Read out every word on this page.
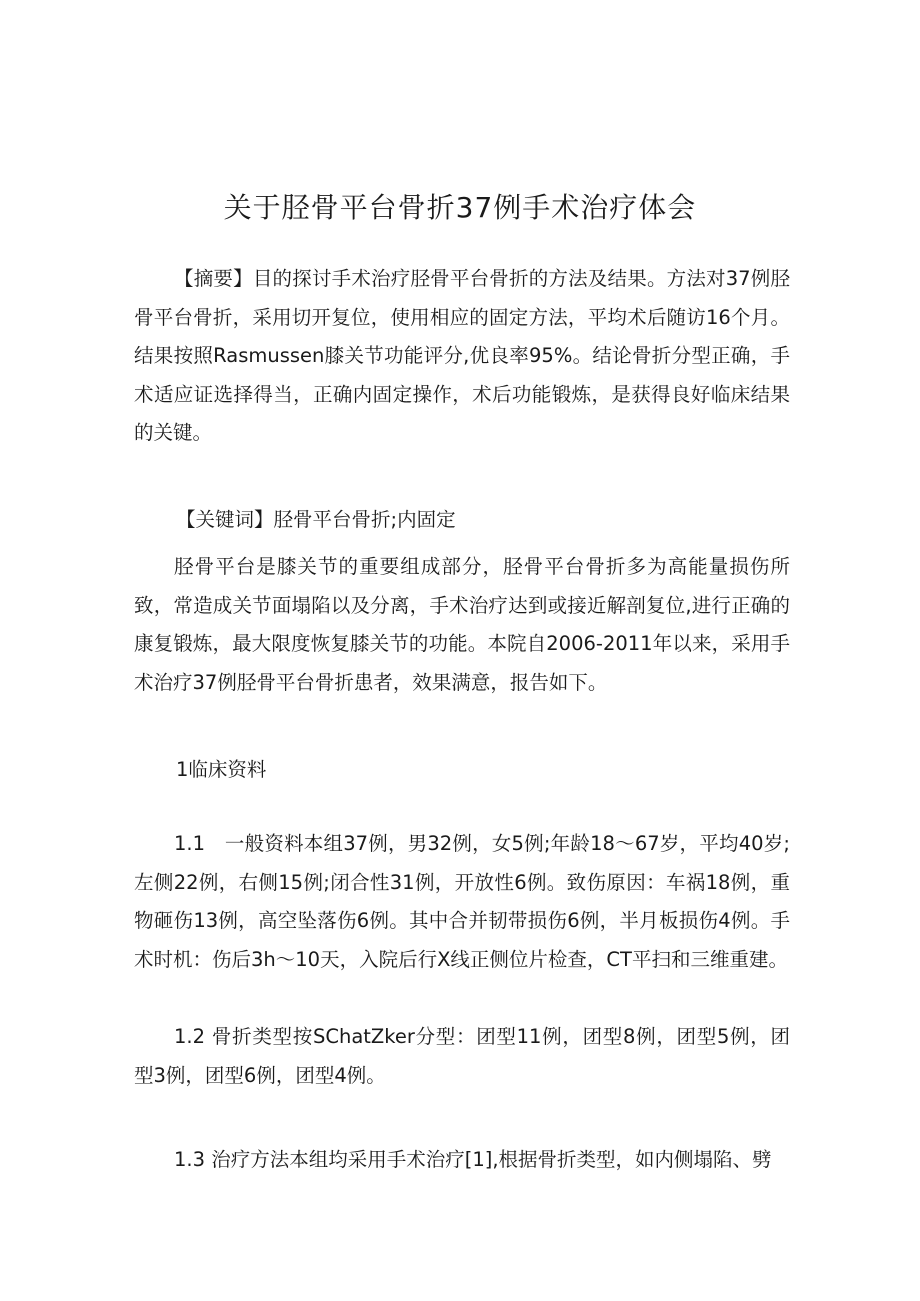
关于胫骨平台骨折37例手术治疗体会

【摘要】目的探讨手术治疗胫骨平台骨折的方法及结果。方法对37例胫骨平台骨折，采用切开复位，使用相应的固定方法，平均术后随访16个月。结果按照Rasmussen膝关节功能评分,优良率95%。结论骨折分型正确，手术适应证选择得当，正确内固定操作，术后功能锻炼，是获得良好临床结果的关键。

【关键词】胫骨平台骨折;内固定

胫骨平台是膝关节的重要组成部分，胫骨平台骨折多为高能量损伤所致，常造成关节面塌陷以及分离，手术治疗达到或接近解剖复位,进行正确的康复锻炼，最大限度恢复膝关节的功能。本院自2006-2011年以来，采用手术治疗37例胫骨平台骨折患者，效果满意，报告如下。

1临床资料

1.1　一般资料本组37例，男32例，女5例;年龄18～67岁，平均40岁;左侧22例，右侧15例;闭合性31例，开放性6例。致伤原因：车祸18例，重物砸伤13例，高空坠落伤6例。其中合并韧带损伤6例，半月板损伤4例。手术时机：伤后3h～10天，入院后行X线正侧位片检查，CT平扫和三维重建。

1.2 骨折类型按SChatZker分型：团型11例，团型8例，团型5例，团型3例，团型6例，团型4例。

1.3 治疗方法本组均采用手术治疗[1],根据骨折类型，如内侧塌陷、劈
